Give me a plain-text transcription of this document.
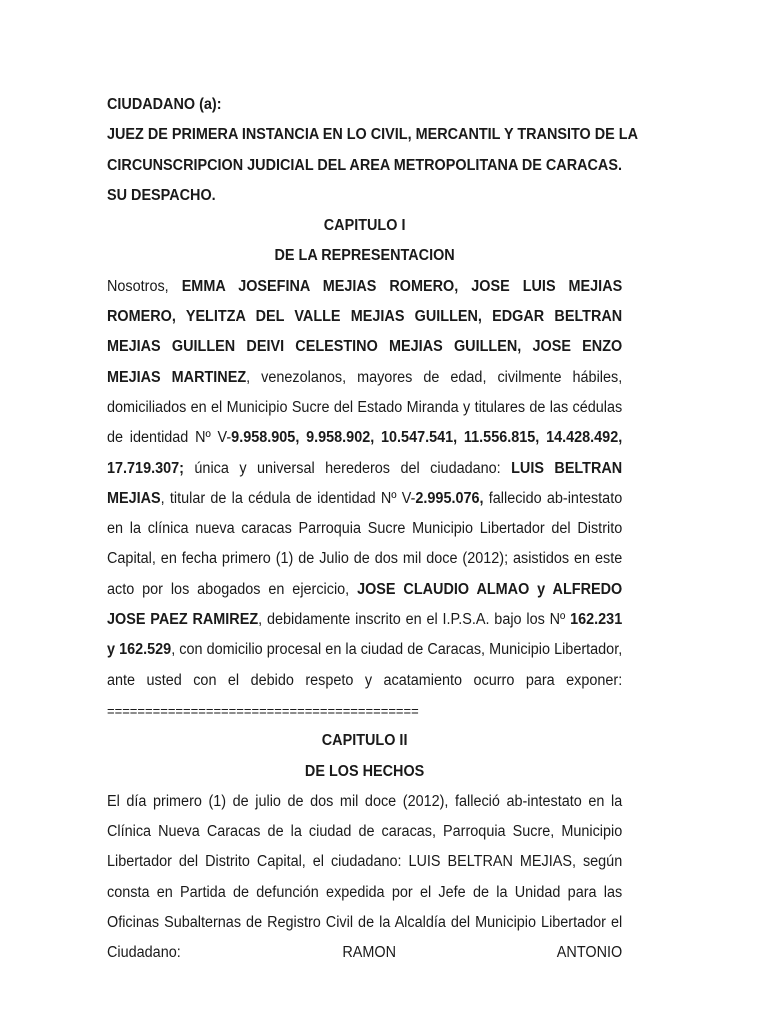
CIUDADANO (a):

JUEZ DE PRIMERA INSTANCIA EN LO CIVIL, MERCANTIL Y TRANSITO DE LA

CIRCUNSCRIPCION JUDICIAL DEL AREA METROPOLITANA DE CARACAS.

SU DESPACHO.

CAPITULO I

DE LA REPRESENTACION

Nosotros, EMMA JOSEFINA MEJIAS ROMERO, JOSE LUIS MEJIAS ROMERO, YELITZA DEL VALLE MEJIAS GUILLEN, EDGAR BELTRAN MEJIAS GUILLEN DEIVI CELESTINO MEJIAS GUILLEN, JOSE ENZO MEJIAS MARTINEZ, venezolanos, mayores de edad, civilmente hábiles, domiciliados en el Municipio Sucre del Estado Miranda y titulares de las cédulas de identidad Nº V-9.958.905, 9.958.902, 10.547.541, 11.556.815, 14.428.492, 17.719.307; única y universal herederos del ciudadano: LUIS BELTRAN MEJIAS, titular de la cédula de identidad Nº V-2.995.076, fallecido ab-intestato en la clínica nueva caracas Parroquia Sucre Municipio Libertador del Distrito Capital, en fecha primero (1) de Julio de dos mil doce (2012); asistidos en este acto por los abogados en ejercicio, JOSE CLAUDIO ALMAO y ALFREDO JOSE PAEZ RAMIREZ, debidamente inscrito en el I.P.S.A. bajo los Nº 162.231 y 162.529, con domicilio procesal en la ciudad de Caracas, Municipio Libertador, ante usted con el debido respeto y acatamiento ocurro para exponer:

=========================================

CAPITULO II

DE LOS HECHOS

El día primero (1) de julio de dos mil doce (2012), falleció ab-intestato en la Clínica Nueva Caracas de la ciudad de caracas, Parroquia Sucre, Municipio Libertador del Distrito Capital, el ciudadano: LUIS BELTRAN MEJIAS, según consta en Partida de defunción expedida por el Jefe de la Unidad para las Oficinas Subalternas de Registro Civil de la Alcaldía del Municipio Libertador el Ciudadano: RAMON ANTONIO
